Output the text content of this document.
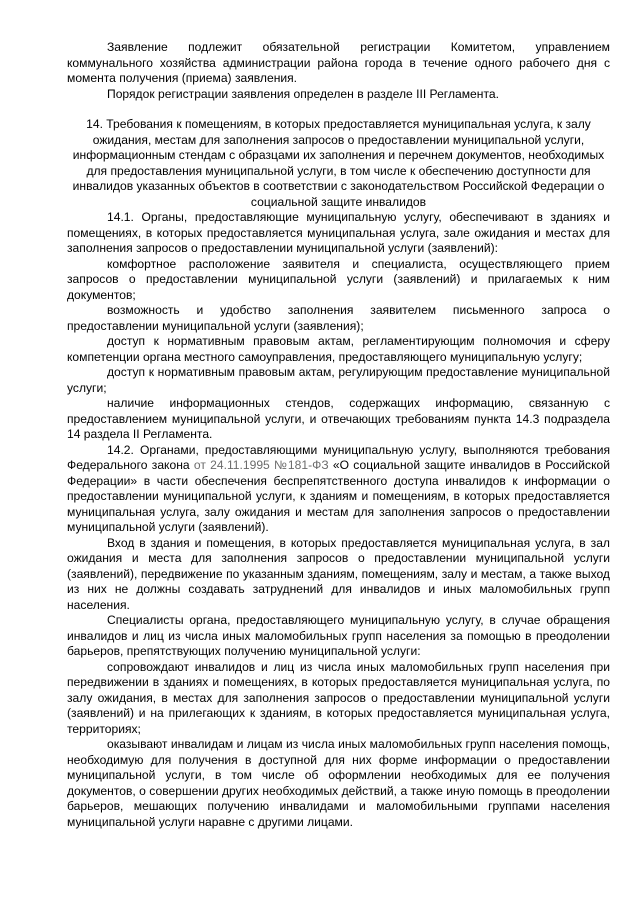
Заявление подлежит обязательной регистрации Комитетом, управлением коммунального хозяйства администрации района города в течение одного рабочего дня с момента получения (приема) заявления.

Порядок регистрации заявления определен в разделе III Регламента.

14. Требования к помещениям, в которых предоставляется муниципальная услуга, к залу ожидания, местам для заполнения запросов о предоставлении муниципальной услуги, информационным стендам с образцами их заполнения и перечнем документов, необходимых для предоставления муниципальной услуги, в том числе к обеспечению доступности для инвалидов указанных объектов в соответствии с законодательством Российской Федерации о социальной защите инвалидов

14.1. Органы, предоставляющие муниципальную услугу, обеспечивают в зданиях и помещениях, в которых предоставляется муниципальная услуга, зале ожидания и местах для заполнения запросов о предоставлении муниципальной услуги (заявлений):

комфортное расположение заявителя и специалиста, осуществляющего прием запросов о предоставлении муниципальной услуги (заявлений) и прилагаемых к ним документов;

возможность и удобство заполнения заявителем письменного запроса о предоставлении муниципальной услуги (заявления);

доступ к нормативным правовым актам, регламентирующим полномочия и сферу компетенции органа местного самоуправления, предоставляющего муниципальную услугу;

доступ к нормативным правовым актам, регулирующим предоставление муниципальной услуги;

наличие информационных стендов, содержащих информацию, связанную с предоставлением муниципальной услуги, и отвечающих требованиям пункта 14.3 подраздела 14 раздела II Регламента.

14.2. Органами, предоставляющими муниципальную услугу, выполняются требования Федерального закона от 24.11.1995 №181-ФЗ «О социальной защите инвалидов в Российской Федерации» в части обеспечения беспрепятственного доступа инвалидов к информации о предоставлении муниципальной услуги, к зданиям и помещениям, в которых предоставляется муниципальная услуга, залу ожидания и местам для заполнения запросов о предоставлении муниципальной услуги (заявлений).

Вход в здания и помещения, в которых предоставляется муниципальная услуга, в зал ожидания и места для заполнения запросов о предоставлении муниципальной услуги (заявлений), передвижение по указанным зданиям, помещениям, залу и местам, а также выход из них не должны создавать затруднений для инвалидов и иных маломобильных групп населения.

Специалисты органа, предоставляющего муниципальную услугу, в случае обращения инвалидов и лиц из числа иных маломобильных групп населения за помощью в преодолении барьеров, препятствующих получению муниципальной услуги:

сопровождают инвалидов и лиц из числа иных маломобильных групп населения при передвижении в зданиях и помещениях, в которых предоставляется муниципальная услуга, по залу ожидания, в местах для заполнения запросов о предоставлении муниципальной услуги (заявлений) и на прилегающих к зданиям, в которых предоставляется муниципальная услуга, территориях;

оказывают инвалидам и лицам из числа иных маломобильных групп населения помощь, необходимую для получения в доступной для них форме информации о предоставлении муниципальной услуги, в том числе об оформлении необходимых для ее получения документов, о совершении других необходимых действий, а также иную помощь в преодолении барьеров, мешающих получению инвалидами и маломобильными группами населения муниципальной услуги наравне с другими лицами.
